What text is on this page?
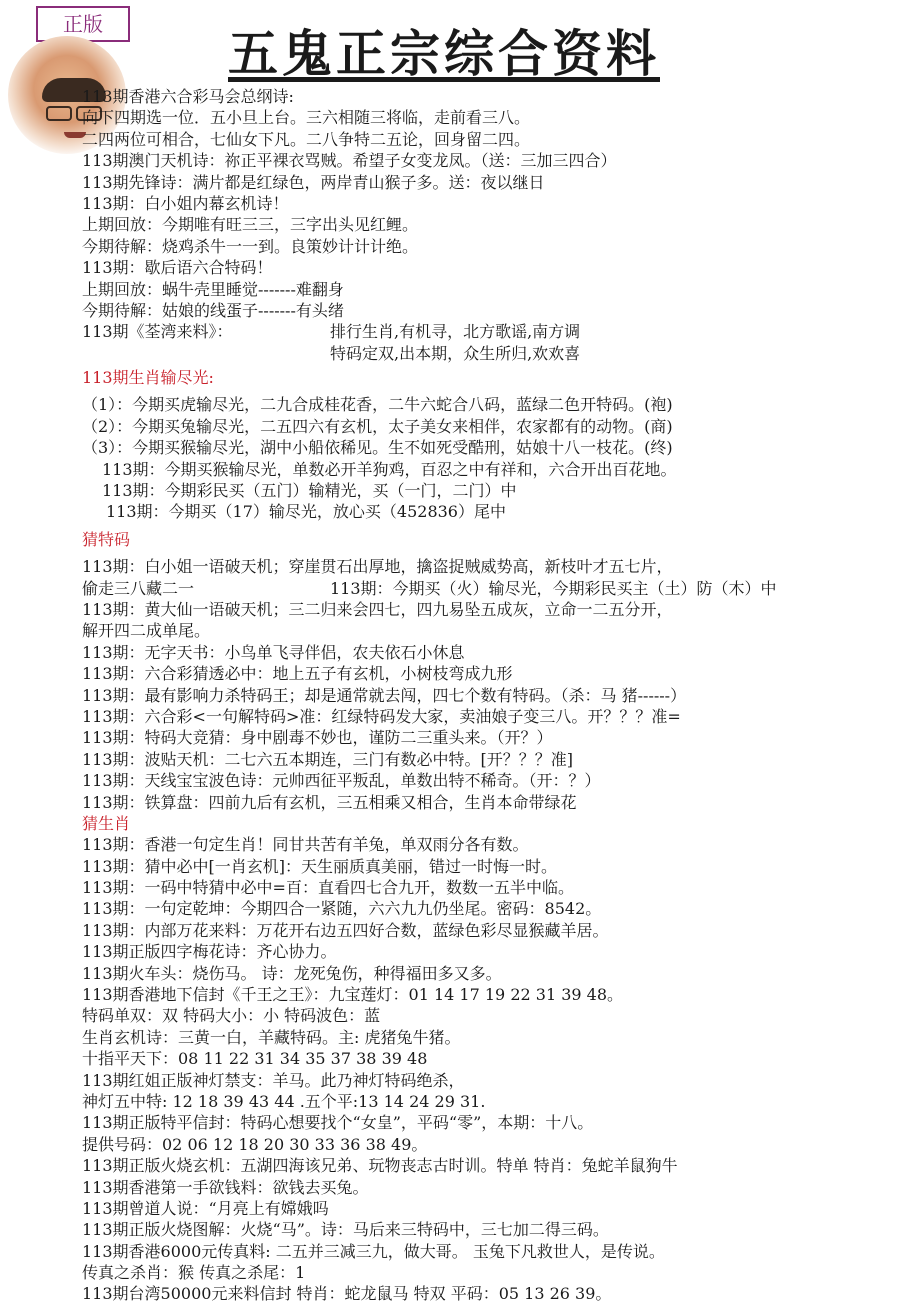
正版	五鬼正宗综合资料
113期香港六合彩马会总纲诗:
向下四期选一位．五小旦上台。三六相随三将临，走前看三八。
二四两位可相合，七仙女下凡。二八争特二五论，回身留二四。
113期澳门天机诗：祢正平裸衣骂贼。希望子女变龙凤。（送：三加三四合）
113期先锋诗：满片都是红绿色，两岸青山猴子多。送：夜以继日
113期：白小姐内幕玄机诗！
上期回放：今期唯有旺三三，三字出头见红鲤。
今期待解：烧鸡杀牛一一到。良策妙计计计绝。
113期：歇后语六合特码！
上期回放：蜗牛壳里睡觉-------难翻身
今期待解：姑娘的线蛋子-------有头绪
113期《荃湾来料》：	排行生肖,有机寻，北方歌谣,南方调
特码定双,出本期，众生所归,欢欢喜
113期生肖输尽光:
（1）：今期买虎输尽光，二九合成桂花香，二牛六蛇合八码，蓝绿二色开特码。(袍)
（2）：今期买兔输尽光，二五四六有玄机，太子美女来相伴，农家都有的动物。(商)
（3）：今期买猴输尽光，湖中小船依稀见。生不如死受酷刑，姑娘十八一枝花。(终)
113期：今期买猴输尽光，单数必开羊狗鸡，百忍之中有祥和，六合开出百花地。
113期：今期彩民买（五门）输精光，买（一门，二门）中
113期：今期买（17）输尽光，放心买（452836）尾中
猜特码
113期：白小姐一语破天机；穿崖贯石出厚地，擒盗捉贼威势高，新枝叶才五七片，
偷走三八藏二一	113期：今期买（火）输尽光，今期彩民买主（土）防（木）中
113期：黄大仙一语破天机；三二归来会四七，四九易坠五成灰，立命一二五分开，
解开四二成单尾。
113期：无字天书：小鸟单飞寻伴侣，农夫依石小休息
113期：六合彩猜透必中：地上五子有玄机，小树枝弯成九形
113期：最有影响力杀特码王；却是通常就去闯，四七个数有特码。（杀：马 猪------）
113期：六合彩<一句解特码>准：红绿特码发大家，卖油娘子变三八。开？？？准=
113期：特码大竞猜：身中剧毒不妙也，谨防二三重头来。（开？）
113期：波贴天机：二七六五本期连，三门有数必中特。[开？？？准]
113期：天线宝宝波色诗：元帅西征平叛乱，单数出特不稀奇。（开：？）
113期：铁算盘：四前九后有玄机，三五相乘又相合，生肖本命带绿花
猜生肖
113期：香港一句定生肖！同甘共苦有羊兔，单双雨分各有数。
113期：猜中必中[一肖玄机]：天生丽质真美丽，错过一时悔一时。
113期：一码中特猜中必中=百：直看四七合九开，数数一五半中临。
113期：一句定乾坤：今期四合一紧随，六六九九仍坐尾。密码：8542。
113期：内部万花来料：万花开右边五四好合数，蓝绿色彩尽显猴藏羊居。
113期正版四字梅花诗：齐心协力。
113期火车头：烧伤马。 诗：龙死兔伤，种得福田多又多。
113期香港地下信封《千王之王》：九宝莲灯：01 14 17 19 22 31 39 48。
特码单双：双 特码大小：小 特码波色：蓝
生肖玄机诗：三黄一白，羊藏特码。主: 虎猪兔牛猪。
十指平天下：08 11 22 31 34 35 37 38 39 48
113期红姐正版神灯禁支：羊马。此乃神灯特码绝杀，
神灯五中特: 12 18 39 43 44 .五个平:13 14 24 29 31.
113期正版特平信封：特码心想要找个“女皇”，平码“零”，本期：十八。
提供号码：02 06 12 18 20 30 33 36 38 49。
113期正版火烧玄机：五湖四海该兄弟、玩物丧志古时训。特单 特肖：兔蛇羊鼠狗牛
113期香港第一手欲钱料：欲钱去买兔。
113期曾道人说：“月亮上有嫦娥吗
113期正版火烧图解：火烧“马”。诗：马后来三特码中，三七加二得三码。
113期香港6000元传真料: 二五并三减三九，做大哥。 玉兔下凡救世人，是传说。
传真之杀肖：猴 传真之杀尾：1
113期台湾50000元来料信封 特肖：蛇龙鼠马 特双 平码：05 13 26 39。
